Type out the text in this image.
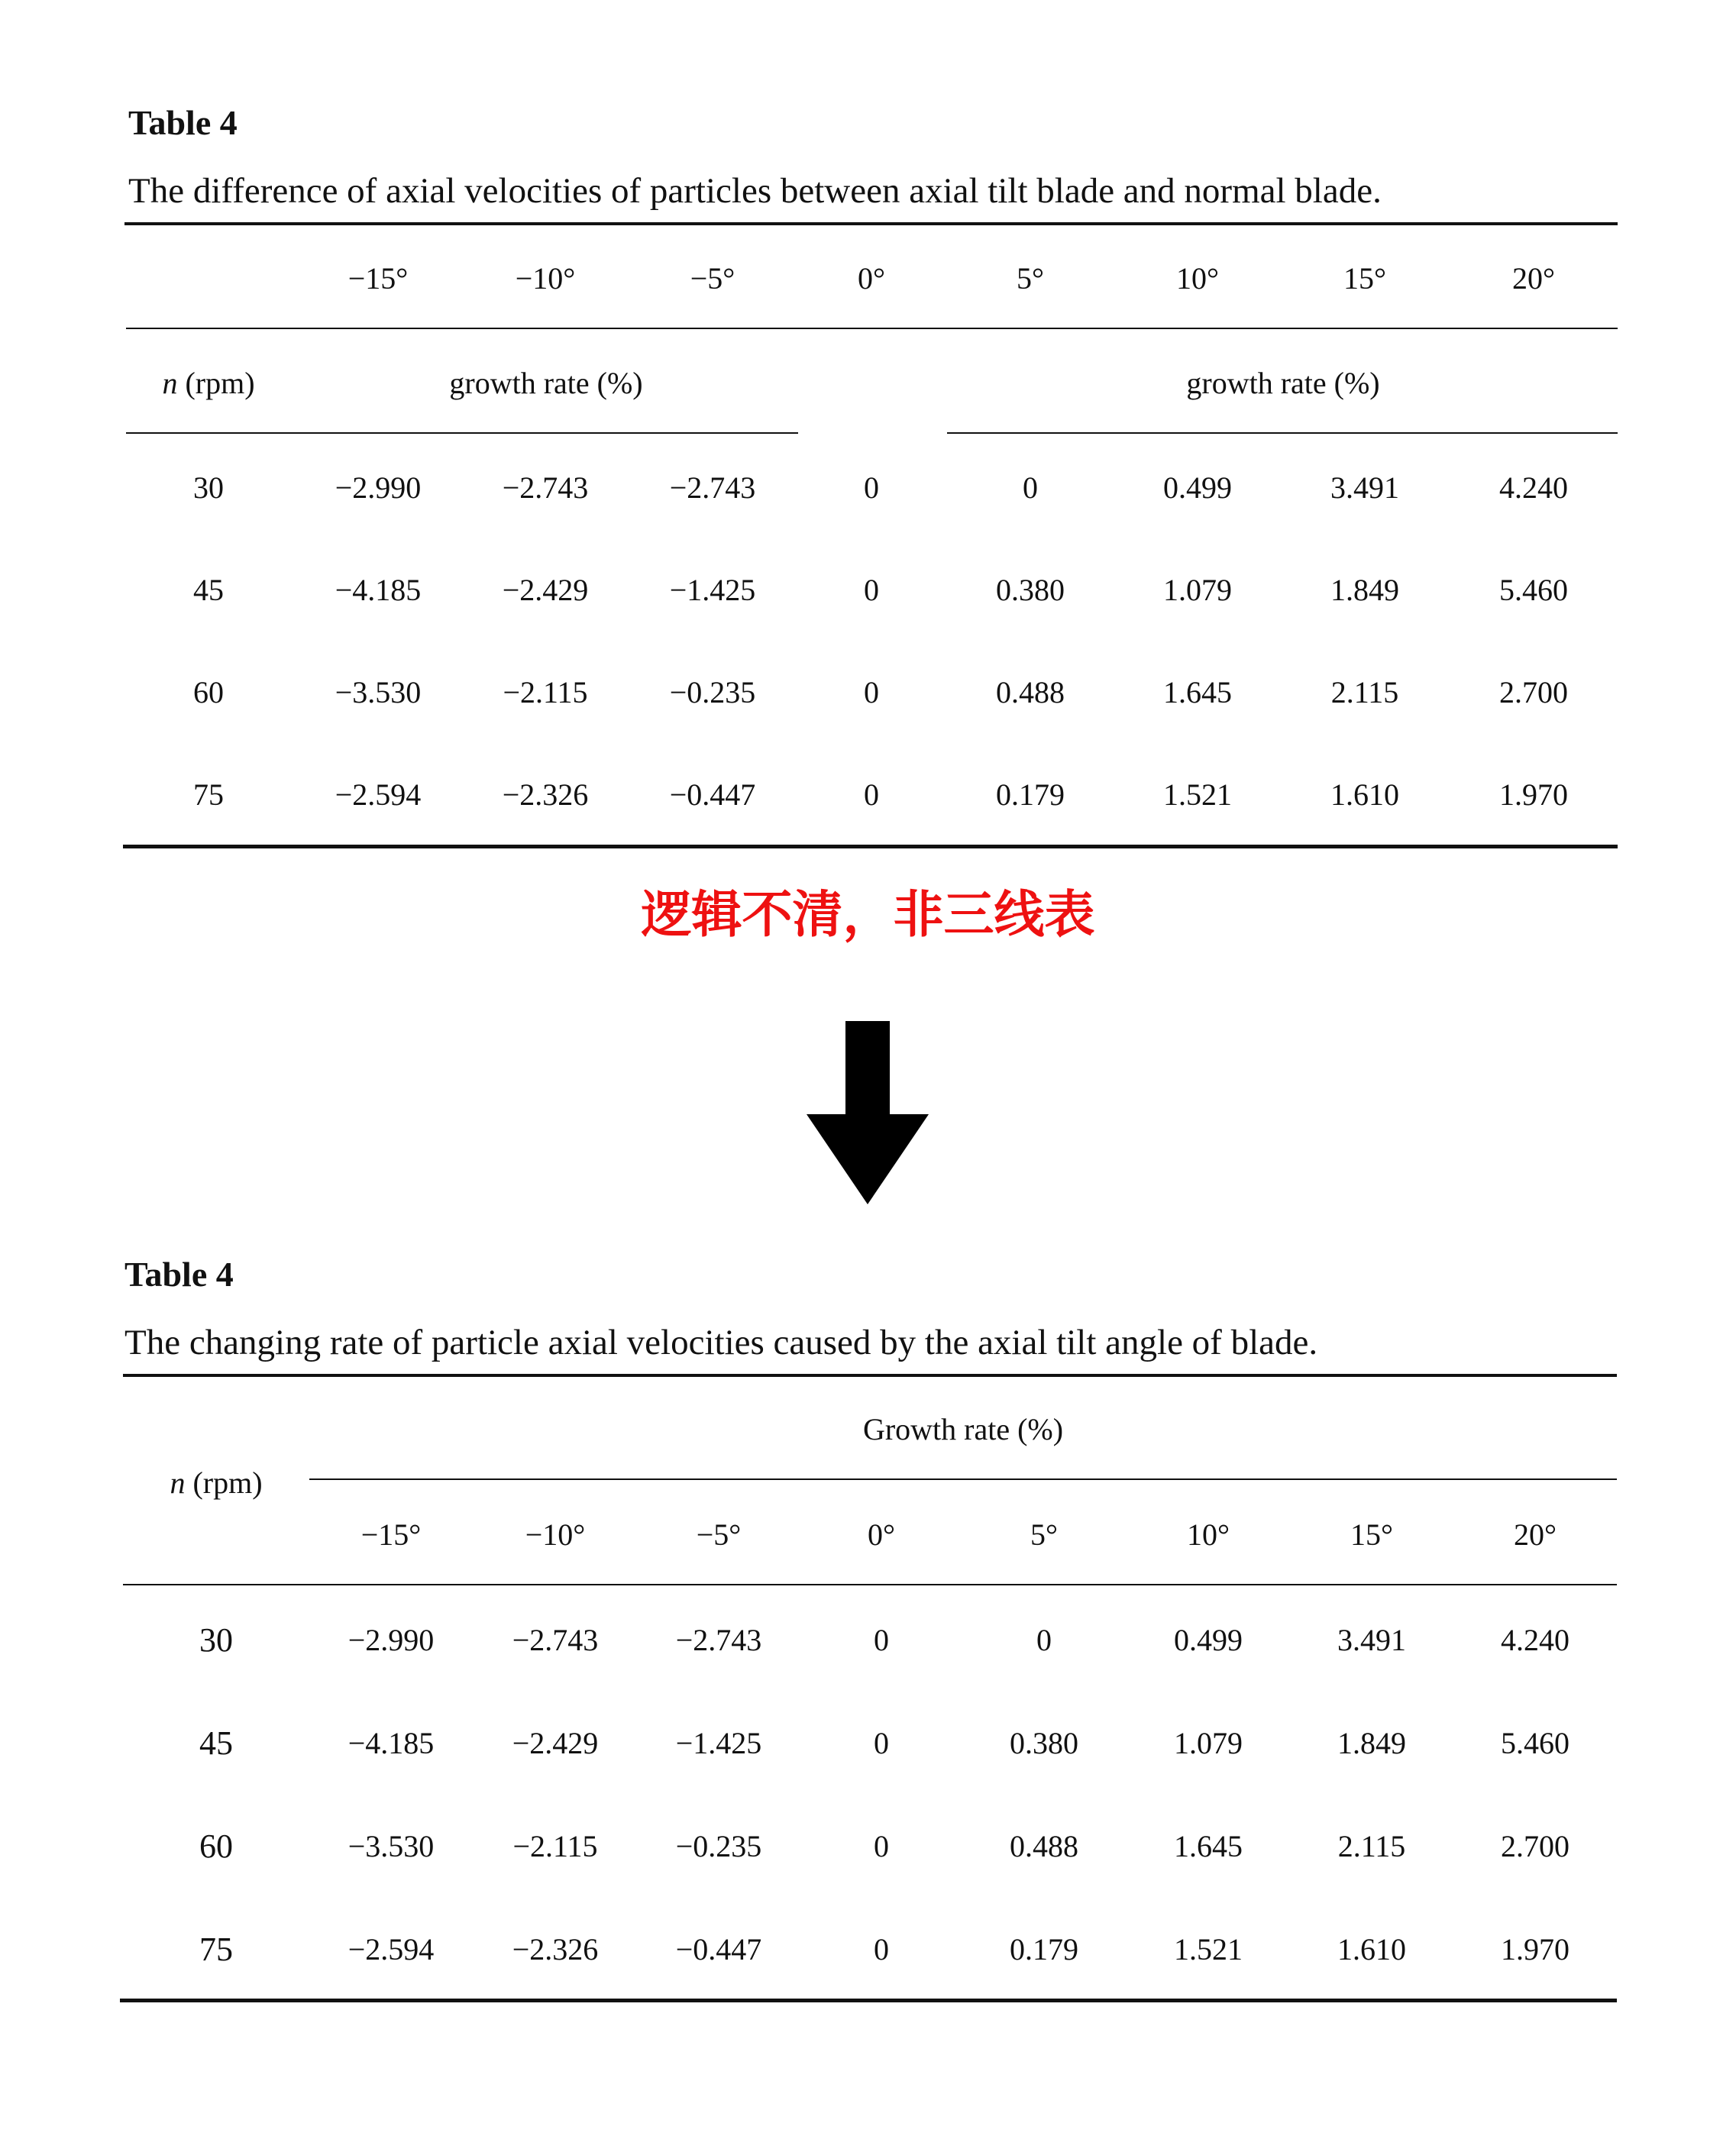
Table 4
The difference of axial velocities of particles between axial tilt blade and normal blade.
−15°	−10°	−5°	0°	5°	10°	15°	20°
n (rpm)	growth rate (%)	growth rate (%)
30	−2.990	−2.743	−2.743	0	0	0.499	3.491	4.240
45	−4.185	−2.429	−1.425	0	0.380	1.079	1.849	5.460
60	−3.530	−2.115	−0.235	0	0.488	1.645	2.115	2.700
75	−2.594	−2.326	−0.447	0	0.179	1.521	1.610	1.970
逻辑不清，非三线表
Table 4
The changing rate of particle axial velocities caused by the axial tilt angle of blade.
n (rpm)
Growth rate (%)
−15°	−10°	−5°	0°	5°	10°	15°	20°
30	−2.990	−2.743	−2.743	0	0	0.499	3.491	4.240
45	−4.185	−2.429	−1.425	0	0.380	1.079	1.849	5.460
60	−3.530	−2.115	−0.235	0	0.488	1.645	2.115	2.700
75	−2.594	−2.326	−0.447	0	0.179	1.521	1.610	1.970
